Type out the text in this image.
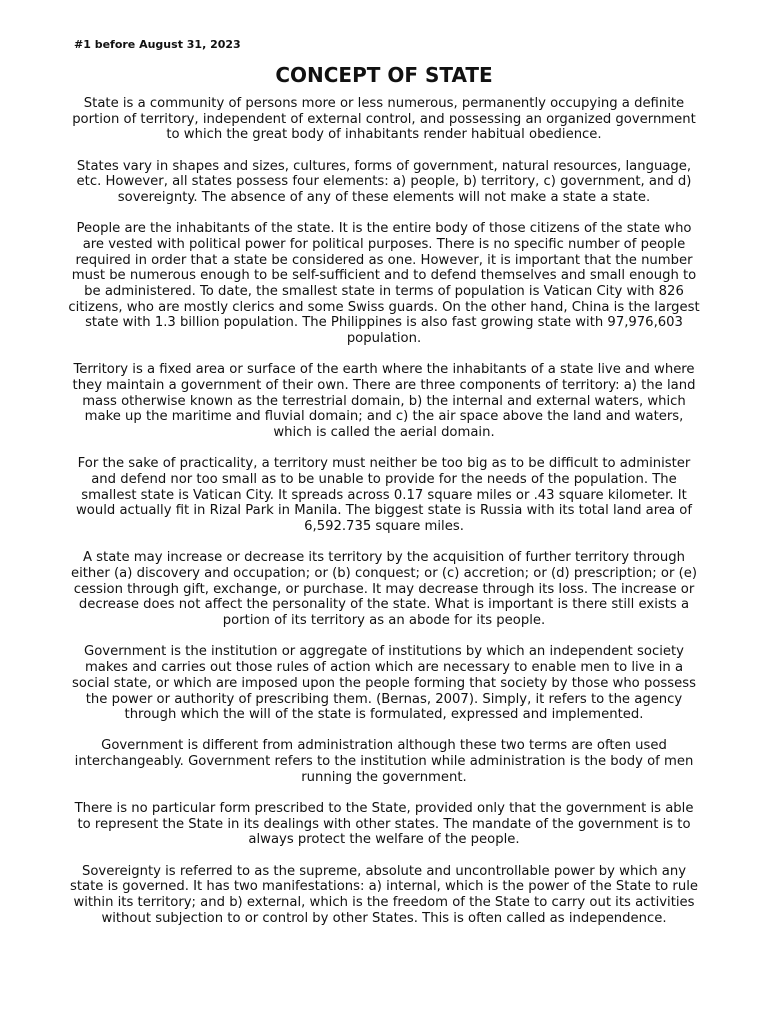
#1 before August 31, 2023
CONCEPT OF STATE

State is a community of persons more or less numerous, permanently occupying a definite portion of territory, independent of external control, and possessing an organized government to which the great body of inhabitants render habitual obedience.

States vary in shapes and sizes, cultures, forms of government, natural resources, language, etc. However, all states possess four elements: a) people, b) territory, c) government, and d) sovereignty. The absence of any of these elements will not make a state a state.

People are the inhabitants of the state. It is the entire body of those citizens of the state who are vested with political power for political purposes. There is no specific number of people required in order that a state be considered as one. However, it is important that the number must be numerous enough to be self-sufficient and to defend themselves and small enough to be administered. To date, the smallest state in terms of population is Vatican City with 826 citizens, who are mostly clerics and some Swiss guards. On the other hand, China is the largest state with 1.3 billion population. The Philippines is also fast growing state with 97,976,603 population.

Territory is a fixed area or surface of the earth where the inhabitants of a state live and where they maintain a government of their own. There are three components of territory: a) the land mass otherwise known as the terrestrial domain, b) the internal and external waters, which make up the maritime and fluvial domain; and c) the air space above the land and waters, which is called the aerial domain.

For the sake of practicality, a territory must neither be too big as to be difficult to administer and defend nor too small as to be unable to provide for the needs of the population. The smallest state is Vatican City. It spreads across 0.17 square miles or .43 square kilometer. It would actually fit in Rizal Park in Manila. The biggest state is Russia with its total land area of 6,592.735 square miles.

A state may increase or decrease its territory by the acquisition of further territory through either (a) discovery and occupation; or (b) conquest; or (c) accretion; or (d) prescription; or (e) cession through gift, exchange, or purchase. It may decrease through its loss. The increase or decrease does not affect the personality of the state. What is important is there still exists a portion of its territory as an abode for its people.

Government is the institution or aggregate of institutions by which an independent society makes and carries out those rules of action which are necessary to enable men to live in a social state, or which are imposed upon the people forming that society by those who possess the power or authority of prescribing them. (Bernas, 2007). Simply, it refers to the agency through which the will of the state is formulated, expressed and implemented.

Government is different from administration although these two terms are often used interchangeably. Government refers to the institution while administration is the body of men running the government.

There is no particular form prescribed to the State, provided only that the government is able to represent the State in its dealings with other states. The mandate of the government is to always protect the welfare of the people.

Sovereignty is referred to as the supreme, absolute and uncontrollable power by which any state is governed. It has two manifestations: a) internal, which is the power of the State to rule within its territory; and b) external, which is the freedom of the State to carry out its activities without subjection to or control by other States. This is often called as independence.
